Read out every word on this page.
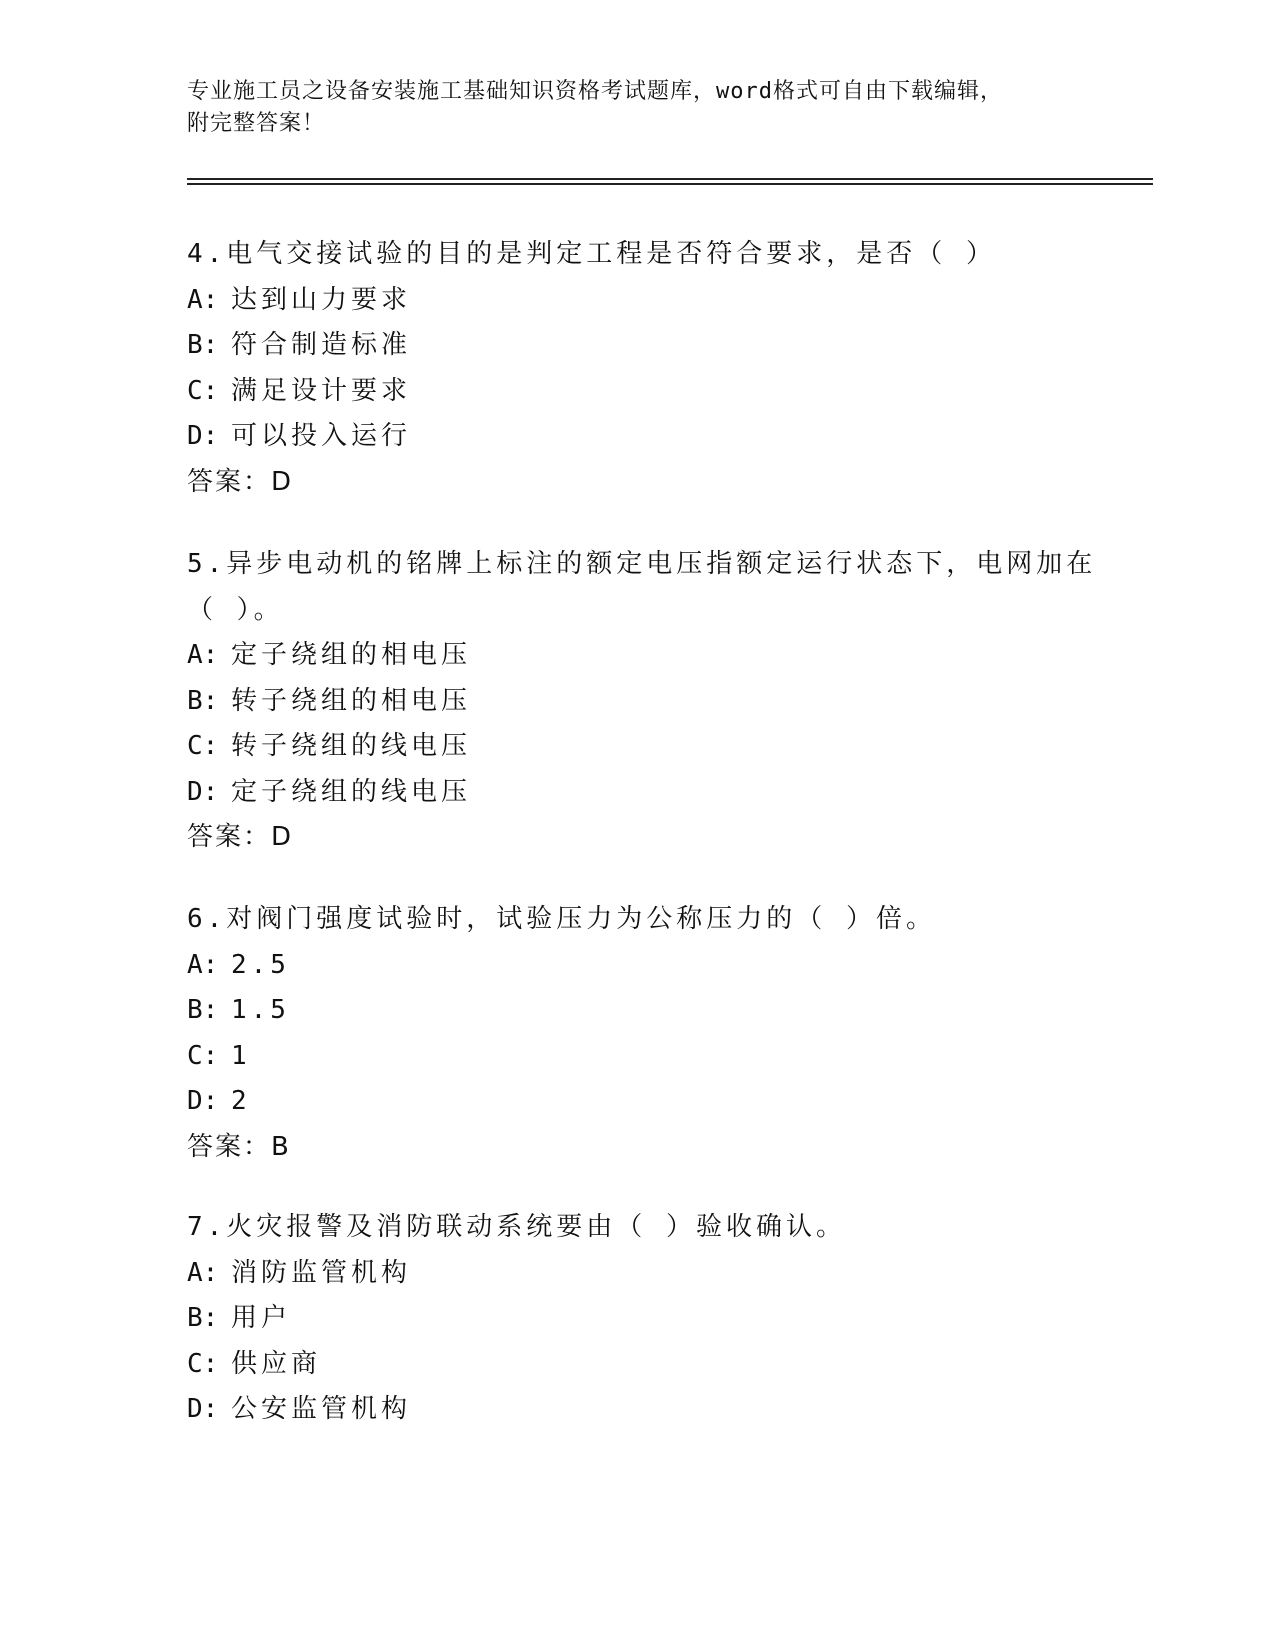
专业施工员之设备安装施工基础知识资格考试题库，word格式可自由下载编辑，
附完整答案！
4.电气交接试验的目的是判定工程是否符合要求，是否（ ）
A: 达到山力要求
B: 符合制造标准
C: 满足设计要求
D: 可以投入运行
答案：D
5.异步电动机的铭牌上标注的额定电压指额定运行状态下，电网加在
（ ）。
A: 定子绕组的相电压
B: 转子绕组的相电压
C: 转子绕组的线电压
D: 定子绕组的线电压
答案：D
6.对阀门强度试验时，试验压力为公称压力的（ ）倍。
A: 2.5
B: 1.5
C: 1
D: 2
答案：B
7.火灾报警及消防联动系统要由（ ）验收确认。
A: 消防监管机构
B: 用户
C: 供应商
D: 公安监管机构
